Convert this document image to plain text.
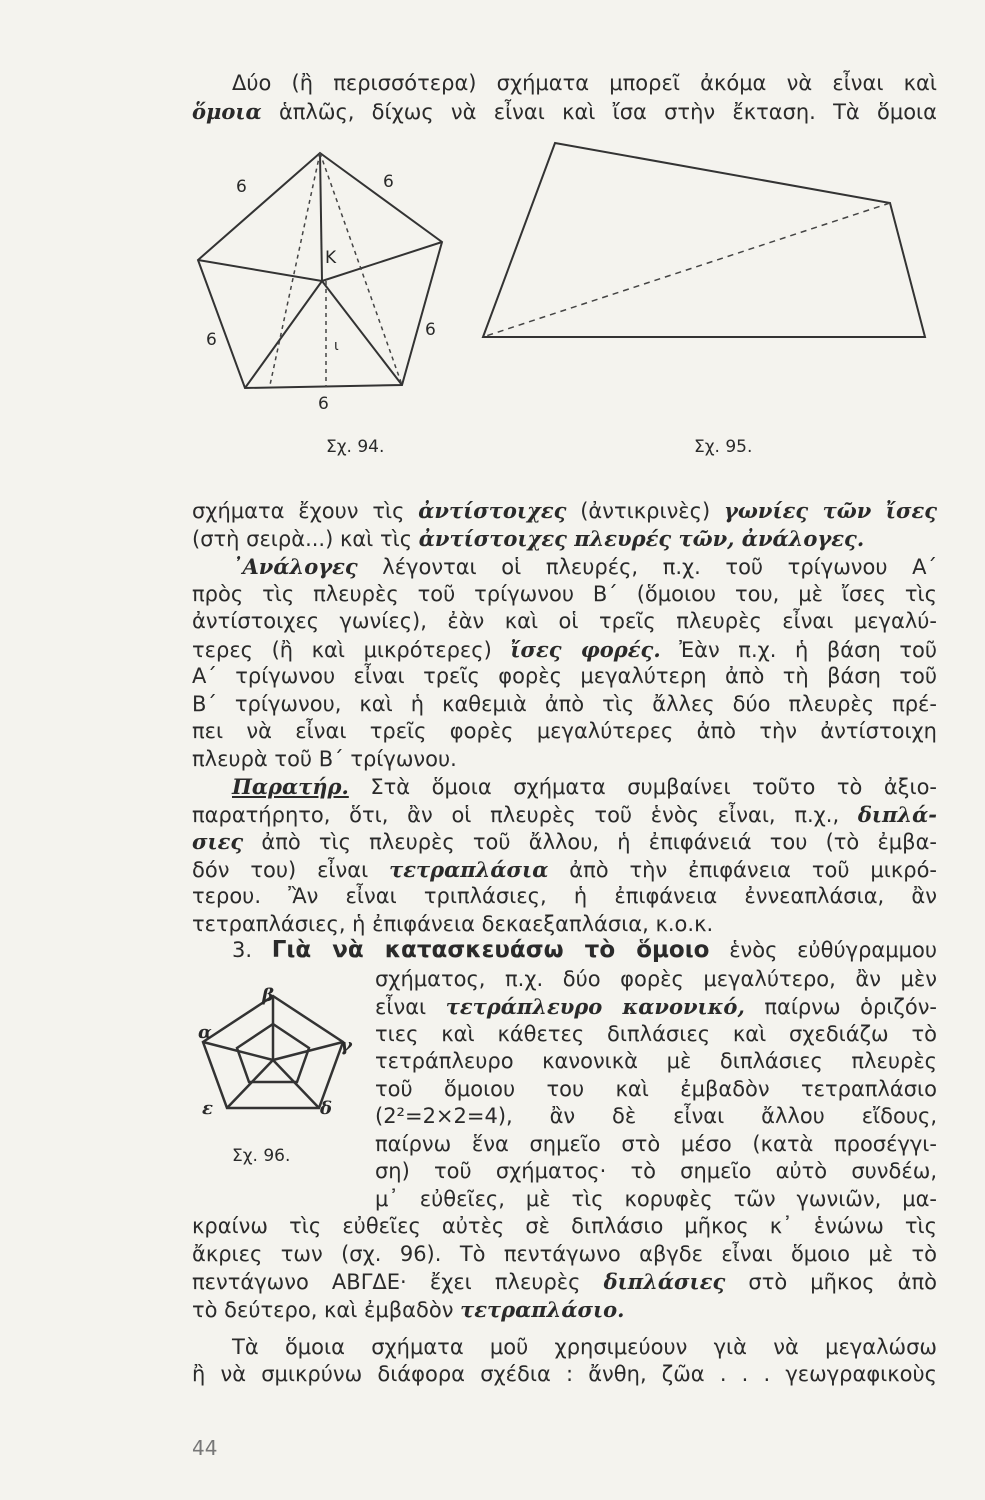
Δύο (ἢ περισσότερα) σχήματα μπορεῖ ἀκόμα νὰ εἶναι καὶ
ὅμοια ἁπλῶς, δίχως νὰ εἶναι καὶ ἴσα στὴν ἔκταση. Τὰ ὅμοια
6	6
6	6
6
Κ
ι
Σχ. 94.	Σχ. 95.
σχήματα ἔχουν τὶς ἀντίστοιχες (ἀντικρινὲς) γωνίες τῶν ἴσες
(στὴ σειρὰ...) καὶ τὶς ἀντίστοιχες πλευρές τῶν, ἀνάλογες.
᾽Ανάλογες λέγονται οἱ πλευρές, π.χ. τοῦ τρίγωνου Α΄
πρὸς τὶς πλευρὲς τοῦ τρίγωνου Β΄ (ὅμοιου του, μὲ ἴσες τὶς
ἀντίστοιχες γωνίες), ἐὰν καὶ οἱ τρεῖς πλευρὲς εἶναι μεγαλύ-
τερες (ἢ καὶ μικρότερες) ἴσες φορές. Ἐὰν π.χ. ἡ βάση τοῦ
Α΄ τρίγωνου εἶναι τρεῖς φορὲς μεγαλύτερη ἀπὸ τὴ βάση τοῦ
Β΄ τρίγωνου, καὶ ἡ καθεμιὰ ἀπὸ τὶς ἄλλες δύο πλευρὲς πρέ-
πει νὰ εἶναι τρεῖς φορὲς μεγαλύτερες ἀπὸ τὴν ἀντίστοιχη
πλευρὰ τοῦ Β΄ τρίγωνου.
Παρατήρ. Στὰ ὅμοια σχήματα συμβαίνει τοῦτο τὸ ἀξιο-
παρατήρητο, ὅτι, ἂν οἱ πλευρὲς τοῦ ἑνὸς εἶναι, π.χ., διπλά-
σιες ἀπὸ τὶς πλευρὲς τοῦ ἄλλου, ἡ ἐπιφάνειά του (τὸ ἐμβα-
δόν του) εἶναι τετραπλάσια ἀπὸ τὴν ἐπιφάνεια τοῦ μικρό-
τερου. Ἂν εἶναι τριπλάσιες, ἡ ἐπιφάνεια ἐννεαπλάσια, ἂν
τετραπλάσιες, ἡ ἐπιφάνεια δεκαεξαπλάσια, κ.ο.κ.
3. Γιὰ νὰ κατασκευάσω τὸ ὅμοιο ἑνὸς εὐθύγραμμου
σχήματος, π.χ. δύο φορὲς μεγαλύτερο, ἂν μὲν
εἶναι τετράπλευρο κανονικό, παίρνω ὁριζόν-
τιες καὶ κάθετες διπλάσιες καὶ σχεδιάζω τὸ
τετράπλευρο κανονικὰ μὲ διπλάσιες πλευρὲς
τοῦ ὅμοιου του καὶ ἐμβαδὸν τετραπλάσιο
(2²=2×2=4), ἂν δὲ εἶναι ἄλλου εἴδους,
παίρνω ἕνα σημεῖο στὸ μέσο (κατὰ προσέγγι-
ση) τοῦ σχήματος· τὸ σημεῖο αὐτὸ συνδέω,
μ᾽ εὐθεῖες, μὲ τὶς κορυφὲς τῶν γωνιῶν, μα-
β
α
γ
δ
ε
Σχ. 96.
κραίνω τὶς εὐθεῖες αὐτὲς σὲ διπλάσιο μῆκος κ᾽ ἑνώνω τὶς
ἄκριες των (σχ. 96). Τὸ πεντάγωνο αβγδε εἶναι ὅμοιο μὲ τὸ
πεντάγωνο ΑΒΓΔΕ· ἔχει πλευρὲς διπλάσιες στὸ μῆκος ἀπὸ
τὸ δεύτερο, καὶ ἐμβαδὸν τετραπλάσιο.
Τὰ ὅμοια σχήματα μοῦ χρησιμεύουν γιὰ νὰ μεγαλώσω
ἢ νὰ σμικρύνω διάφορα σχέδια : ἄνθη, ζῶα . . . γεωγραφικοὺς
44
